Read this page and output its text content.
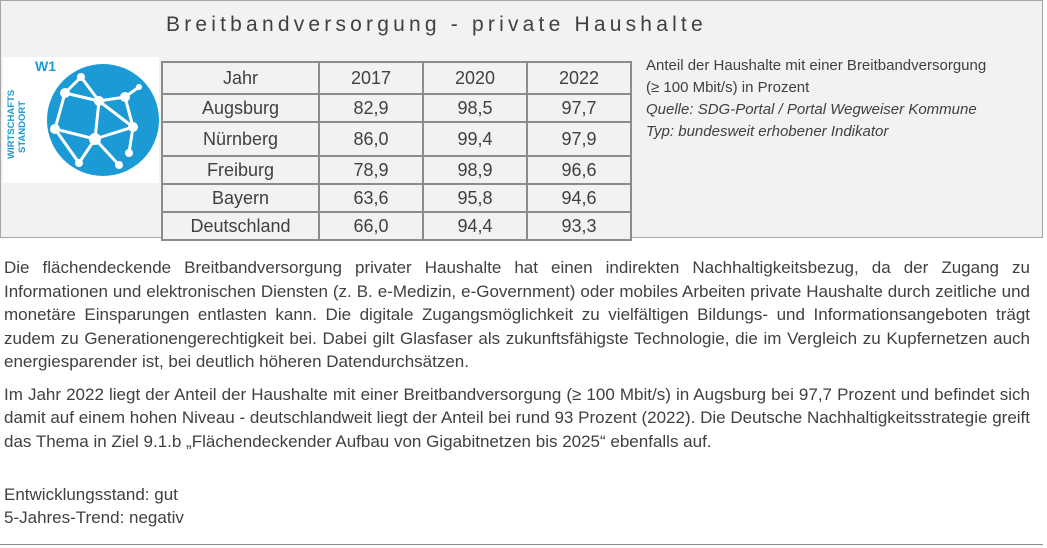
Breitbandversorgung - private Haushalte
W1
WIRTSCHAFTS STANDORT
Jahr	2017	2020	2022
Augsburg	82,9	98,5	97,7
Nürnberg	86,0	99,4	97,9
Freiburg	78,9	98,9	96,6
Bayern	63,6	95,8	94,6
Deutschland	66,0	94,4	93,3
Anteil der Haushalte mit einer Breitbandversorgung
(≥ 100 Mbit/s) in Prozent
Quelle: SDG-Portal / Portal Wegweiser Kommune
Typ: bundesweit erhobener Indikator

Die flächendeckende Breitbandversorgung privater Haushalte hat einen indirekten Nachhaltigkeitsbezug, da der Zugang zu Informationen und elektronischen Diensten (z. B. e-Medizin, e-Government) oder mobiles Arbeiten private Haushalte durch zeitliche und monetäre Einsparungen entlasten kann. Die digitale Zugangsmöglichkeit zu vielfältigen Bildungs- und Informationsangeboten trägt zudem zu Generationengerechtigkeit bei. Dabei gilt Glasfaser als zukunftsfähigste Technologie, die im Vergleich zu Kupfernetzen auch energiesparender ist, bei deutlich höheren Datendurchsätzen.

Im Jahr 2022 liegt der Anteil der Haushalte mit einer Breitbandversorgung (≥ 100 Mbit/s) in Augsburg bei 97,7 Prozent und befindet sich damit auf einem hohen Niveau - deutschlandweit liegt der Anteil bei rund 93 Prozent (2022). Die Deutsche Nachhaltigkeitsstrategie greift das Thema in Ziel 9.1.b „Flächendeckender Aufbau von Gigabitnetzen bis 2025“ ebenfalls auf.

Entwicklungsstand: gut
5-Jahres-Trend: negativ
